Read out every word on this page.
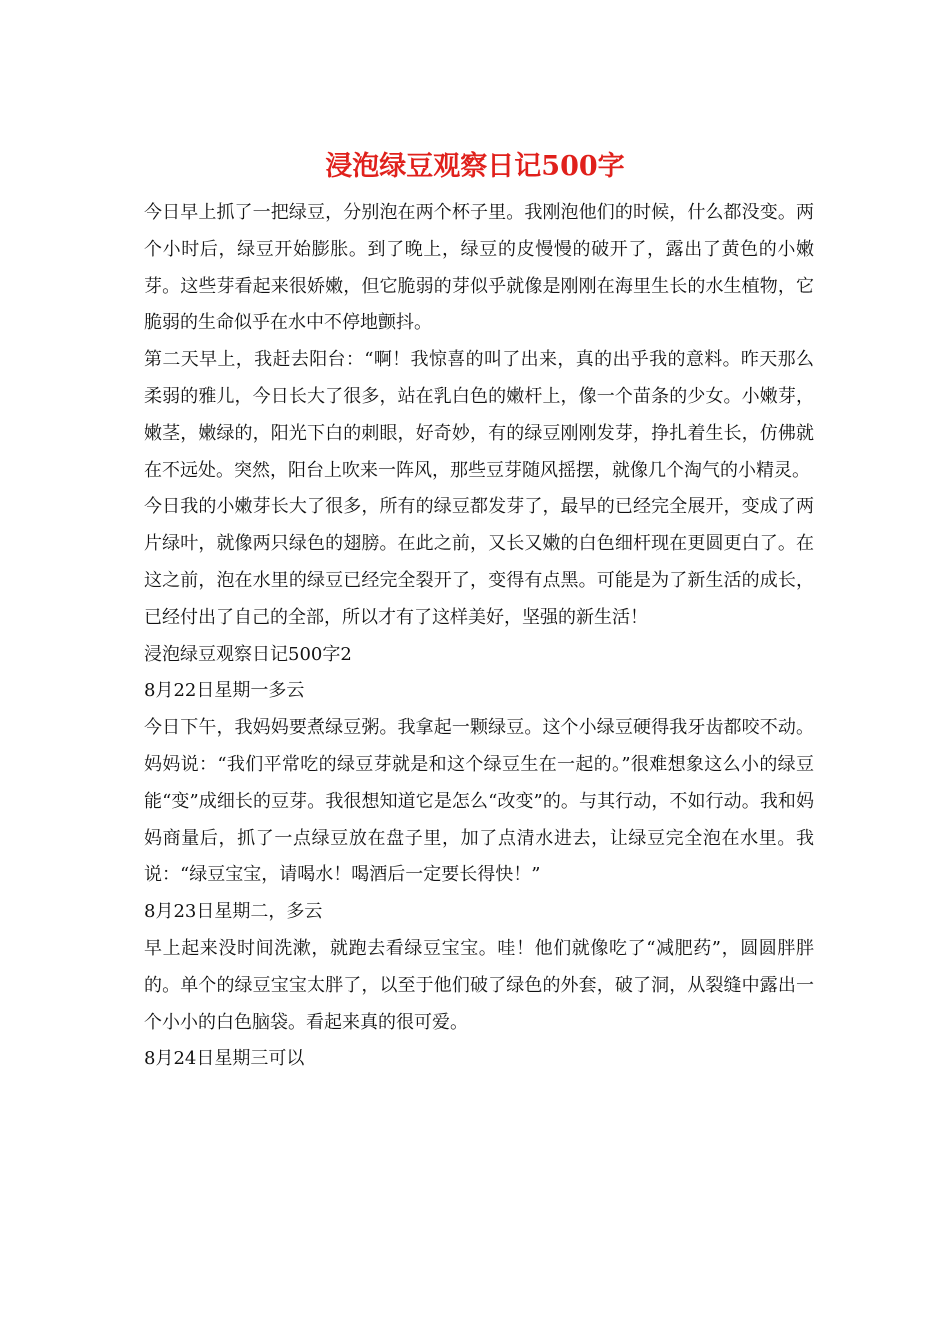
浸泡绿豆观察日记500字

今日早上抓了一把绿豆，分别泡在两个杯子里。我刚泡他们的时候，什么都没变。两个小时后，绿豆开始膨胀。到了晚上，绿豆的皮慢慢的破开了，露出了黄色的小嫩芽。这些芽看起来很娇嫩，但它脆弱的芽似乎就像是刚刚在海里生长的水生植物，它脆弱的生命似乎在水中不停地颤抖。

第二天早上，我赶去阳台：“啊！我惊喜的叫了出来，真的出乎我的意料。昨天那么柔弱的雅儿，今日长大了很多，站在乳白色的嫩杆上，像一个苗条的少女。小嫩芽，嫩茎，嫩绿的，阳光下白的刺眼，好奇妙，有的绿豆刚刚发芽，挣扎着生长，仿佛就在不远处。突然，阳台上吹来一阵风，那些豆芽随风摇摆，就像几个淘气的小精灵。

今日我的小嫩芽长大了很多，所有的绿豆都发芽了，最早的已经完全展开，变成了两片绿叶，就像两只绿色的翅膀。在此之前，又长又嫩的白色细杆现在更圆更白了。在这之前，泡在水里的绿豆已经完全裂开了，变得有点黑。可能是为了新生活的成长，已经付出了自己的全部，所以才有了这样美好，坚强的新生活！

浸泡绿豆观察日记500字2

8月22日星期一多云

今日下午，我妈妈要煮绿豆粥。我拿起一颗绿豆。这个小绿豆硬得我牙齿都咬不动。妈妈说：“我们平常吃的绿豆芽就是和这个绿豆生在一起的。”很难想象这么小的绿豆能“变”成细长的豆芽。我很想知道它是怎么“改变”的。与其行动，不如行动。我和妈妈商量后，抓了一点绿豆放在盘子里，加了点清水进去，让绿豆完全泡在水里。我说：“绿豆宝宝，请喝水！喝酒后一定要长得快！”

8月23日星期二，多云

早上起来没时间洗漱，就跑去看绿豆宝宝。哇！他们就像吃了“减肥药”，圆圆胖胖的。单个的绿豆宝宝太胖了，以至于他们破了绿色的外套，破了洞，从裂缝中露出一个小小的白色脑袋。看起来真的很可爱。

8月24日星期三可以
